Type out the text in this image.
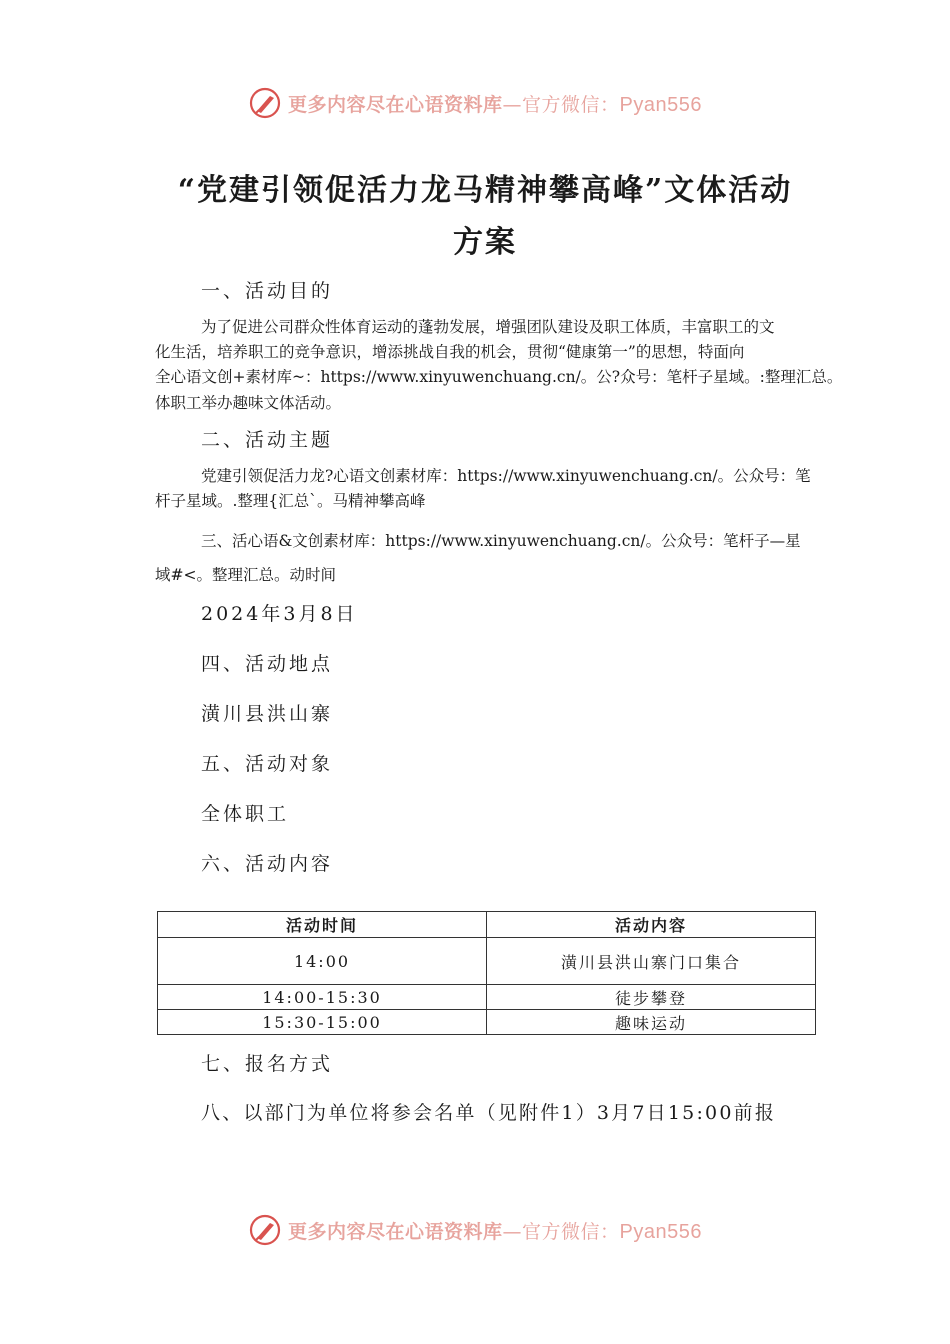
更多内容尽在心语资料库—官方微信：Pyan556
“党建引领促活力龙马精神攀高峰”文体活动
方案
一、活动目的
为了促进公司群众性体育运动的蓬勃发展，增强团队建设及职工体质，丰富职工的文
化生活，培养职工的竞争意识，增添挑战自我的机会，贯彻“健康第一”的思想，特面向
全心语文创+素材库~：https://www.xinyuwenchuang.cn/。公?众号：笔杆子星域。:整理汇总。
体职工举办趣味文体活动。
二、活动主题
党建引领促活力龙?心语文创素材库：https://www.xinyuwenchuang.cn/。公众号：笔
杆子星域。.整理{汇总`。马精神攀高峰
三、活心语&文创素材库：https://www.xinyuwenchuang.cn/。公众号：笔杆子—星
域#<。整理汇总。动时间
2024年3月8日
四、活动地点
潢川县洪山寨
五、活动对象
全体职工
六、活动内容
活动时间	活动内容
14:00	潢川县洪山寨门口集合
14:00-15:30	徒步攀登
15:30-15:00	趣味运动
七、报名方式
八、以部门为单位将参会名单（见附件1）3月7日15:00前报
更多内容尽在心语资料库—官方微信：Pyan556
